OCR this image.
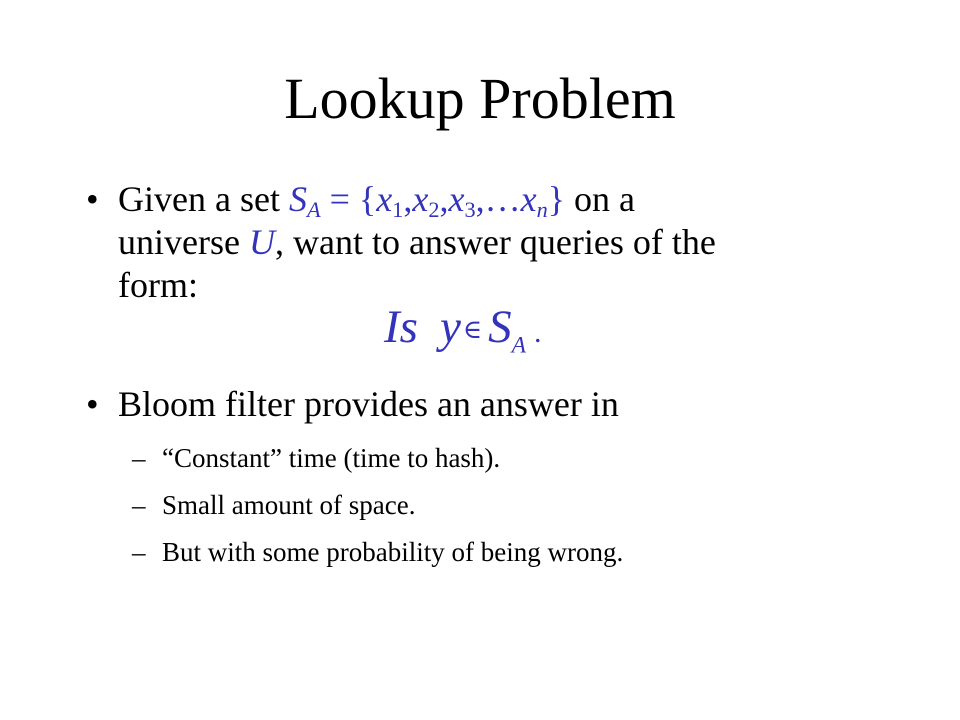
Lookup Problem
• Given a set $S_A$ = $\{x_1,x_2,x_3,\dots x_n\}$ on a
universe U, want to answer queries of the
form:
Is y∈ $S_A$ .
• Bloom filter provides an answer in
– “Constant” time (time to hash).
– Small amount of space.
– But with some probability of being wrong.
